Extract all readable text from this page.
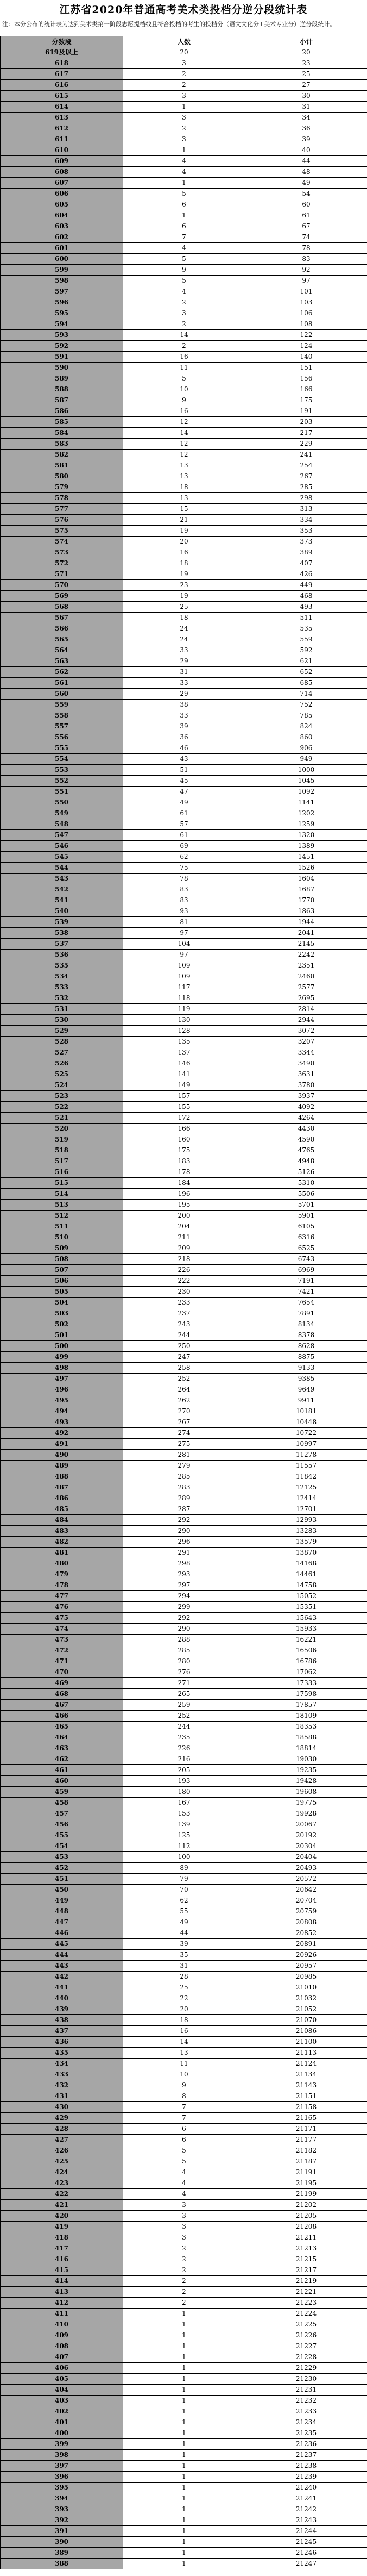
江苏省2020年普通高考美术类投档分逆分段统计表
注：本分公布的统计表为达到美术类第一阶段志愿提档线且符合投档的考生的投档分（语文文化分+美术专业分）逆分段统计。
分数段	人数	小计
619及以上	20	20
618	3	23
617	2	25
616	2	27
615	3	30
614	1	31
613	3	34
612	2	36
611	3	39
610	1	40
609	4	44
608	4	48
607	1	49
606	5	54
605	6	60
604	1	61
603	6	67
602	7	74
601	4	78
600	5	83
599	9	92
598	5	97
597	4	101
596	2	103
595	3	106
594	2	108
593	14	122
592	2	124
591	16	140
590	11	151
589	5	156
588	10	166
587	9	175
586	16	191
585	12	203
584	14	217
583	12	229
582	12	241
581	13	254
580	13	267
579	18	285
578	13	298
577	15	313
576	21	334
575	19	353
574	20	373
573	16	389
572	18	407
571	19	426
570	23	449
569	19	468
568	25	493
567	18	511
566	24	535
565	24	559
564	33	592
563	29	621
562	31	652
561	33	685
560	29	714
559	38	752
558	33	785
557	39	824
556	36	860
555	46	906
554	43	949
553	51	1000
552	45	1045
551	47	1092
550	49	1141
549	61	1202
548	57	1259
547	61	1320
546	69	1389
545	62	1451
544	75	1526
543	78	1604
542	83	1687
541	83	1770
540	93	1863
539	81	1944
538	97	2041
537	104	2145
536	97	2242
535	109	2351
534	109	2460
533	117	2577
532	118	2695
531	119	2814
530	130	2944
529	128	3072
528	135	3207
527	137	3344
526	146	3490
525	141	3631
524	149	3780
523	157	3937
522	155	4092
521	172	4264
520	166	4430
519	160	4590
518	175	4765
517	183	4948
516	178	5126
515	184	5310
514	196	5506
513	195	5701
512	200	5901
511	204	6105
510	211	6316
509	209	6525
508	218	6743
507	226	6969
506	222	7191
505	230	7421
504	233	7654
503	237	7891
502	243	8134
501	244	8378
500	250	8628
499	247	8875
498	258	9133
497	252	9385
496	264	9649
495	262	9911
494	270	10181
493	267	10448
492	274	10722
491	275	10997
490	281	11278
489	279	11557
488	285	11842
487	283	12125
486	289	12414
485	287	12701
484	292	12993
483	290	13283
482	296	13579
481	291	13870
480	298	14168
479	293	14461
478	297	14758
477	294	15052
476	299	15351
475	292	15643
474	290	15933
473	288	16221
472	285	16506
471	280	16786
470	276	17062
469	271	17333
468	265	17598
467	259	17857
466	252	18109
465	244	18353
464	235	18588
463	226	18814
462	216	19030
461	205	19235
460	193	19428
459	180	19608
458	167	19775
457	153	19928
456	139	20067
455	125	20192
454	112	20304
453	100	20404
452	89	20493
451	79	20572
450	70	20642
449	62	20704
448	55	20759
447	49	20808
446	44	20852
445	39	20891
444	35	20926
443	31	20957
442	28	20985
441	25	21010
440	22	21032
439	20	21052
438	18	21070
437	16	21086
436	14	21100
435	13	21113
434	11	21124
433	10	21134
432	9	21143
431	8	21151
430	7	21158
429	7	21165
428	6	21171
427	6	21177
426	5	21182
425	5	21187
424	4	21191
423	4	21195
422	4	21199
421	3	21202
420	3	21205
419	3	21208
418	3	21211
417	2	21213
416	2	21215
415	2	21217
414	2	21219
413	2	21221
412	2	21223
411	1	21224
410	1	21225
409	1	21226
408	1	21227
407	1	21228
406	1	21229
405	1	21230
404	1	21231
403	1	21232
402	1	21233
401	1	21234
400	1	21235
399	1	21236
398	1	21237
397	1	21238
396	1	21239
395	1	21240
394	1	21241
393	1	21242
392	1	21243
391	1	21244
390	1	21245
389	1	21246
388	1	21247
